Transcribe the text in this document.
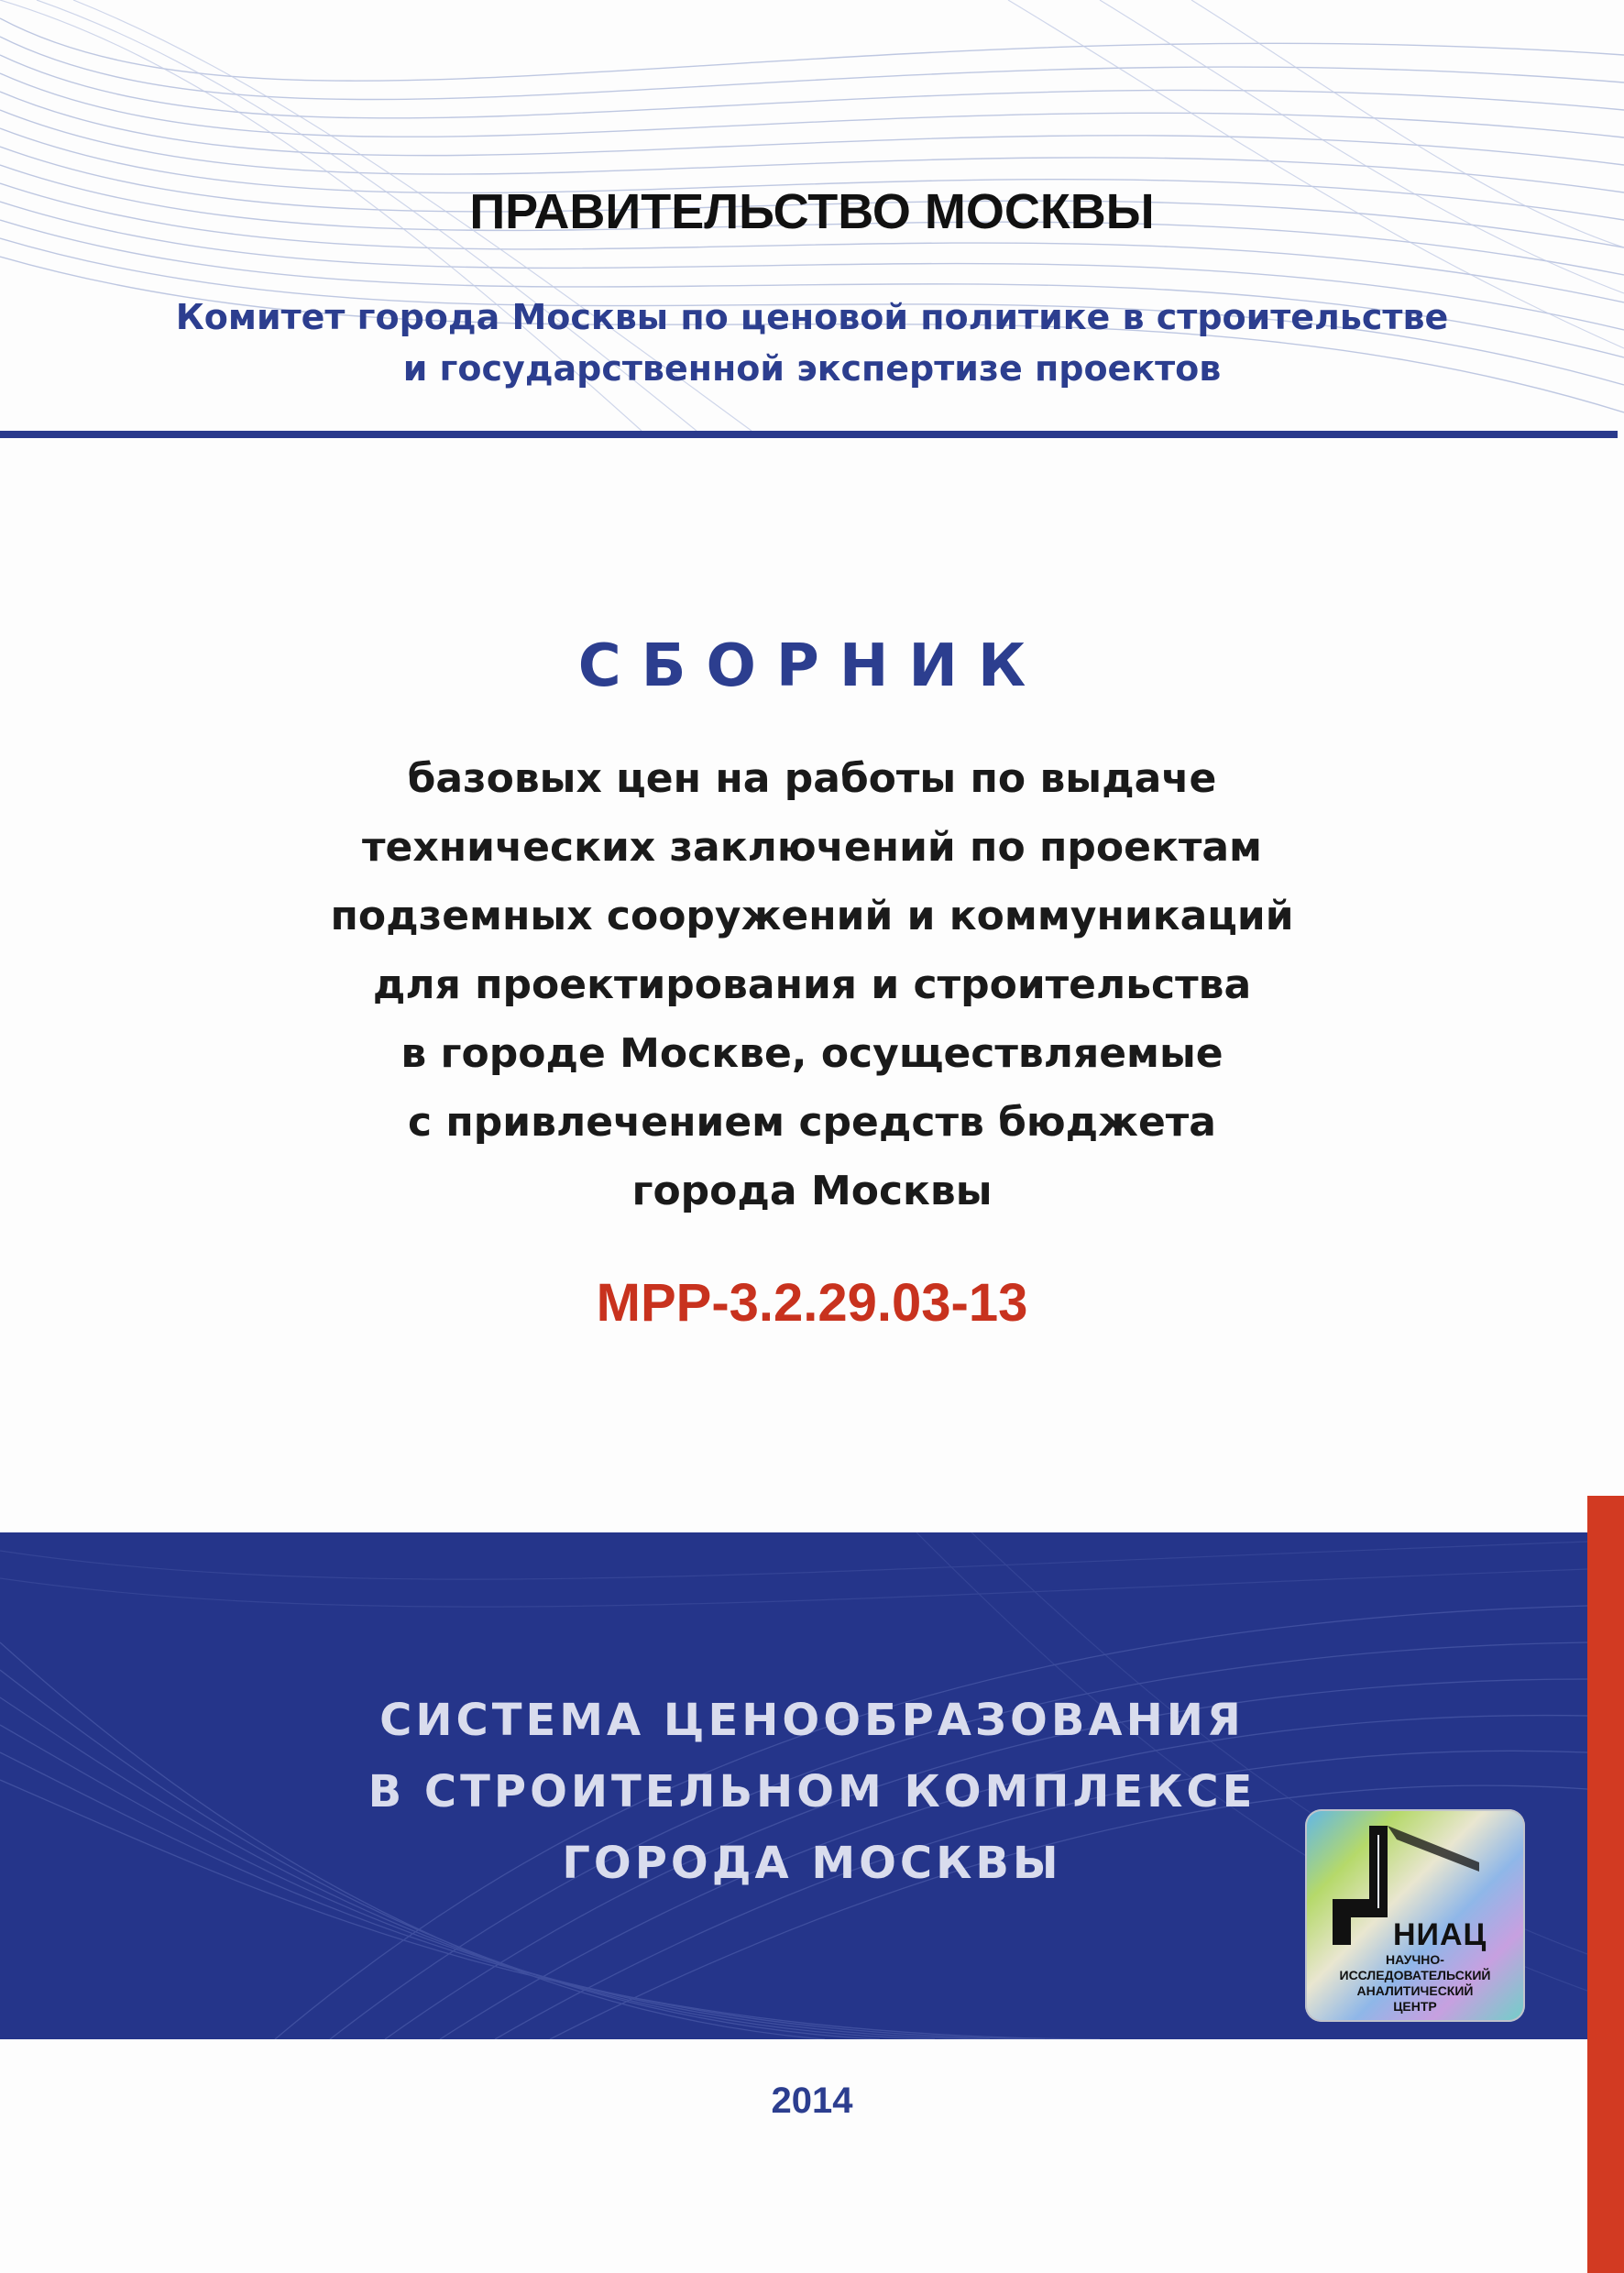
ПРАВИТЕЛЬСТВО МОСКВЫ
Комитет города Москвы по ценовой политике в строительстве
и государственной экспертизе проектов
СБОРНИК
базовых цен на работы по выдаче
технических заключений по проектам
подземных сооружений и коммуникаций
для проектирования и строительства
в городе Москве, осуществляемые
с привлечением средств бюджета
города Москвы
МРР-3.2.29.03-13
СИСТЕМА ЦЕНООБРАЗОВАНИЯ
В СТРОИТЕЛЬНОМ КОМПЛЕКСЕ
ГОРОДА МОСКВЫ
НИАЦ
НАУЧНО-
ИССЛЕДОВАТЕЛЬСКИЙ
АНАЛИТИЧЕСКИЙ
ЦЕНТР
2014
